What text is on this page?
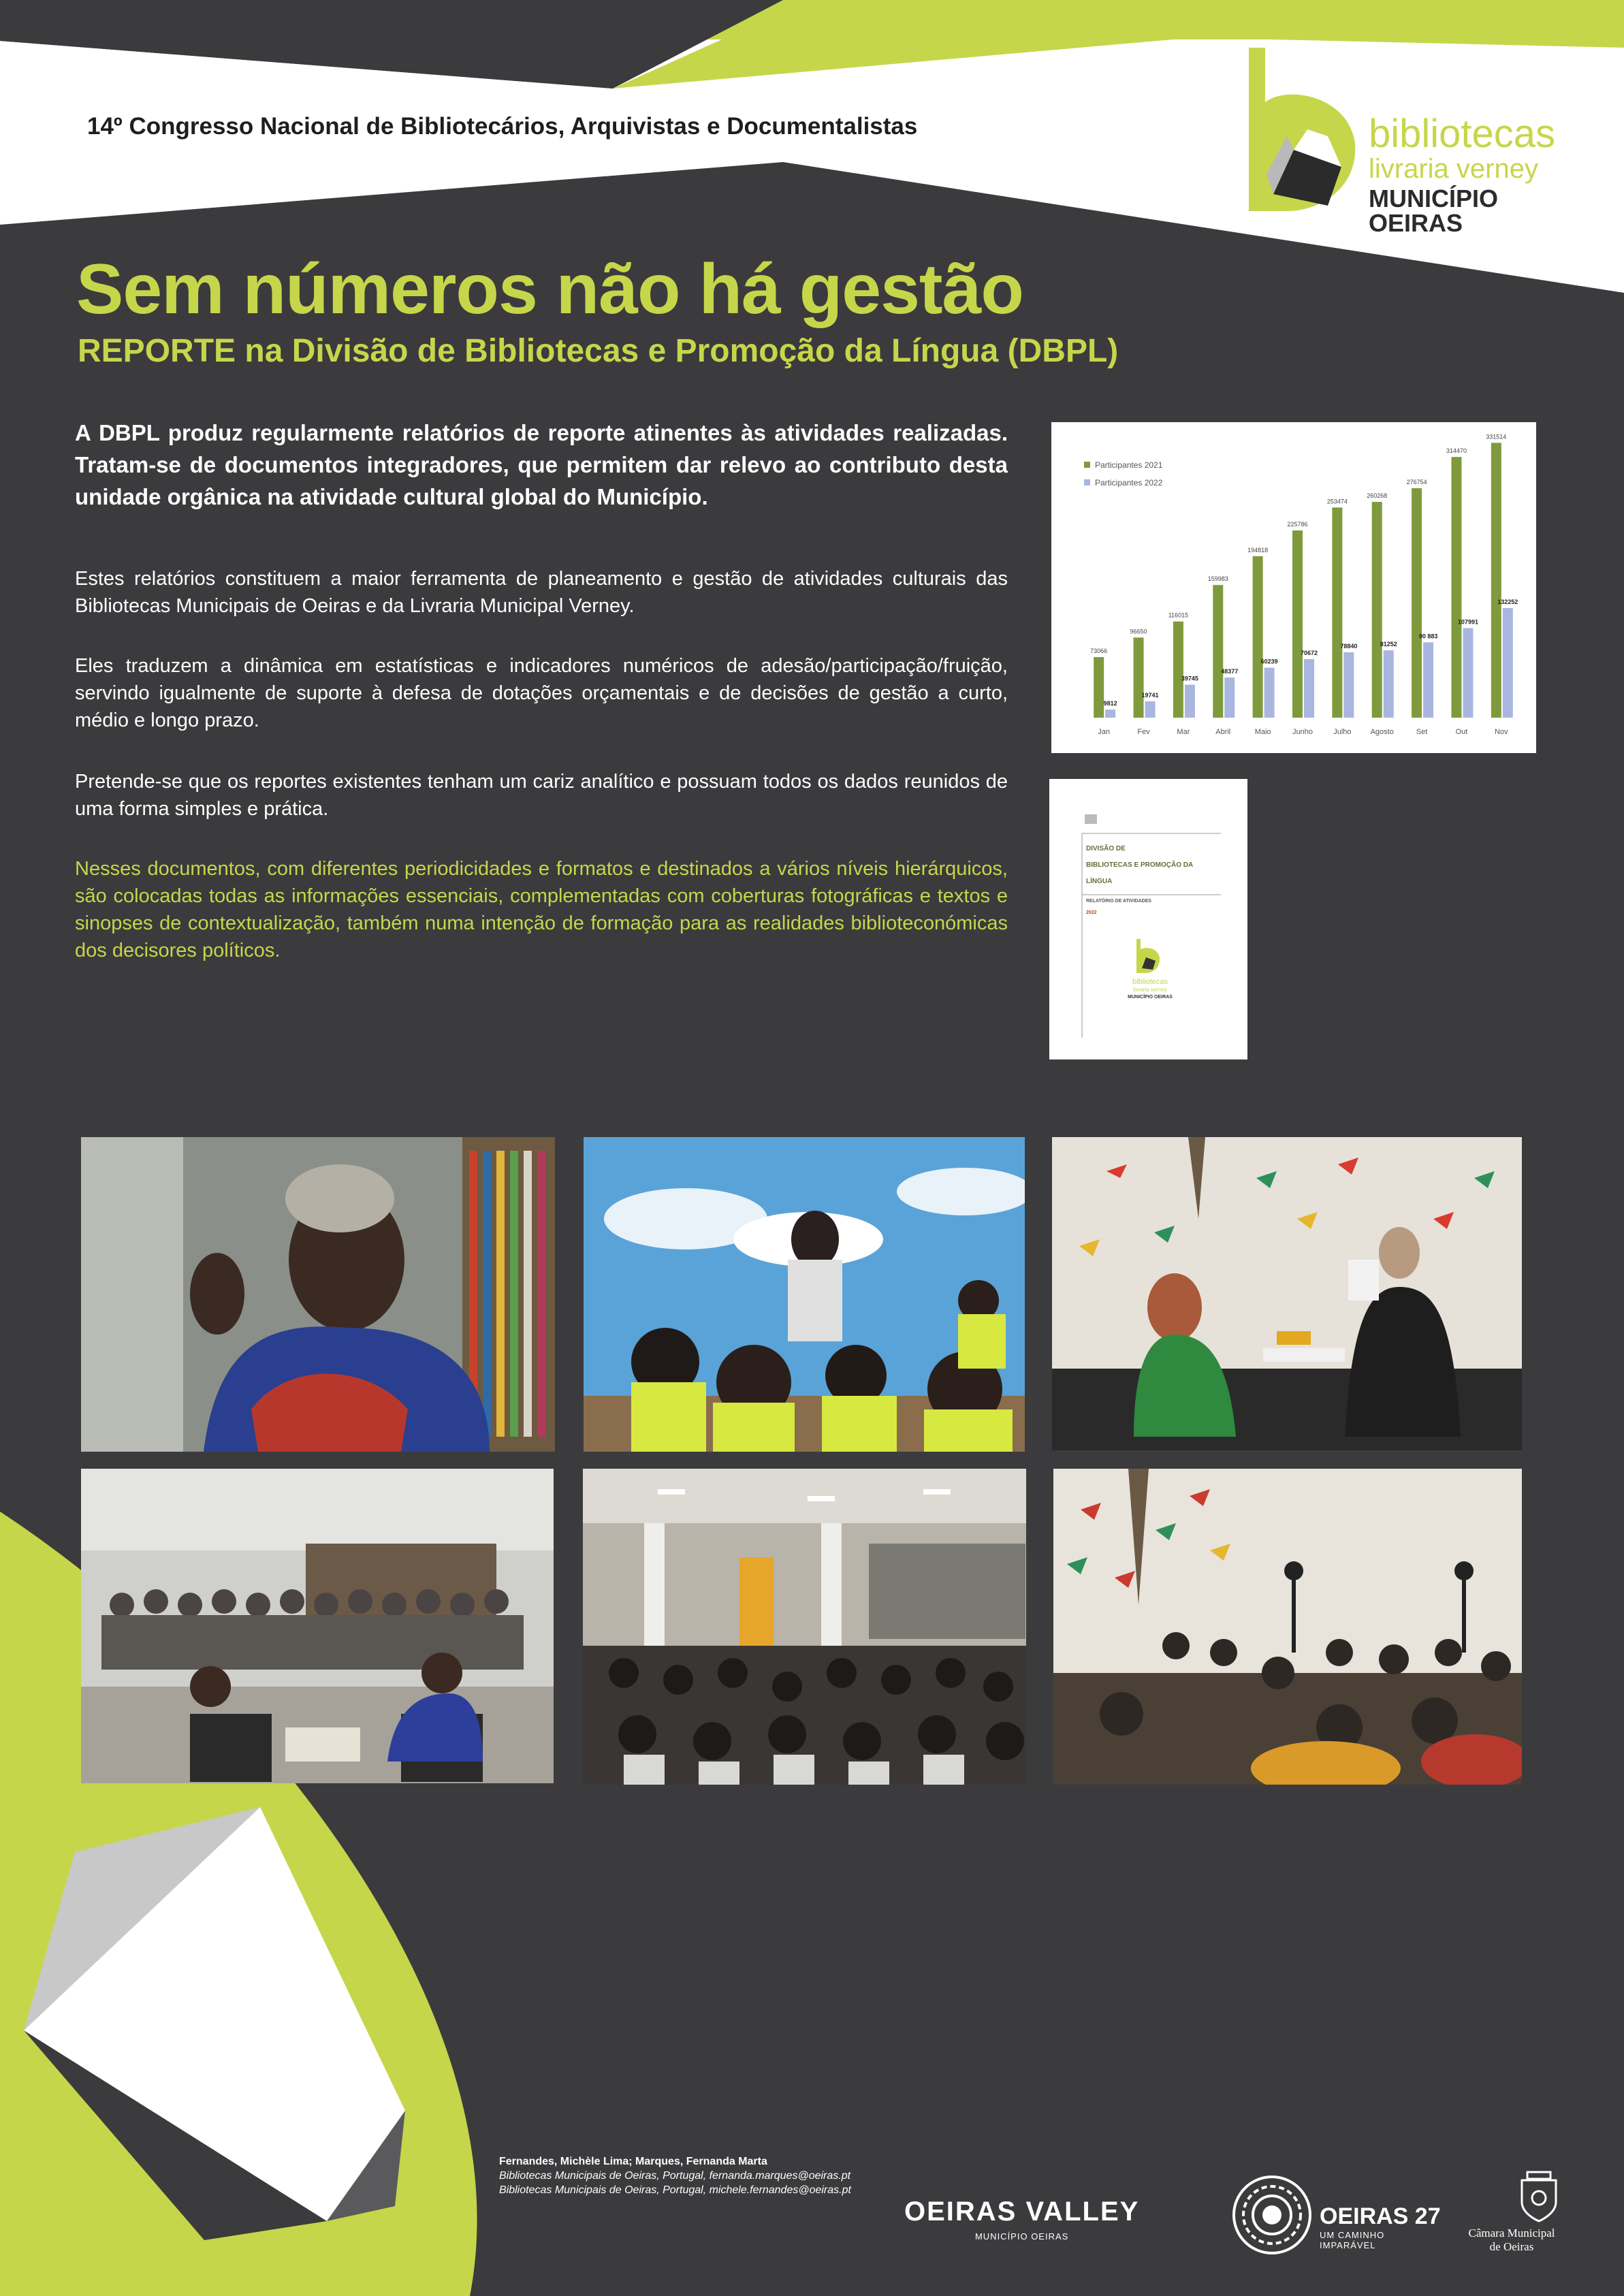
14º Congresso Nacional de Bibliotecários, Arquivistas e Documentalistas	bibliotecas
livraria verney
MUNICÍPIO OEIRAS
Sem números não há gestão
REPORTE na Divisão de Bibliotecas e Promoção da Língua (DBPL)
A DBPL produz regularmente relatórios de reporte atinentes às atividades realizadas. Tratam-se de documentos integradores, que permitem dar relevo ao contributo desta unidade orgânica na atividade cultural global do Município.
Estes relatórios constituem a maior ferramenta de planeamento e gestão de atividades culturais das Bibliotecas Municipais de Oeiras e da Livraria Municipal Verney.
Eles traduzem a dinâmica em estatísticas e indicadores numéricos de adesão/participação/fruição, servindo igualmente de suporte à defesa de dotações orçamentais e de decisões de gestão a curto, médio e longo prazo.
Pretende-se que os reportes existentes tenham um cariz analítico e possuam todos os dados reunidos de uma forma simples e prática.
Nesses documentos, com diferentes periodicidades e formatos e destinados a vários níveis hierárquicos, são colocadas todas as informações essenciais, complementadas com coberturas fotográficas e textos e sinopses de contextualização, também numa intenção de formação para as realidades biblioteconómicas dos decisores políticos.
73066
9812
Jan
96650
19741
Fev
116015
39745
Mar
159983
48377
Abril
194818
60239
Maio
225786
70672
Junho
253474
78840
Julho
260268
81252
Agosto
276754
90 883
Set
314470
107991
Out
331514
132252
Nov
Participantes 2021
Participantes 2022
DIVISÃO DE
BIBLIOTECAS E PROMOÇÃO DA
LÍNGUA
RELATÓRIO DE ATIVIDADES
2022
bibliotecas
livraria verney
MUNICÍPIO OEIRAS
Fernandes, Michèle Lima; Marques, Fernanda Marta
Bibliotecas Municipais de Oeiras, Portugal, fernanda.marques@oeiras.pt
Bibliotecas Municipais de Oeiras, Portugal, michele.fernandes@oeiras.pt
OEIRAS VALLEY
MUNICÍPIO OEIRAS
OEIRAS 27
UM CAMINHO
IMPARÁVEL
Câmara Municipal
de Oeiras
